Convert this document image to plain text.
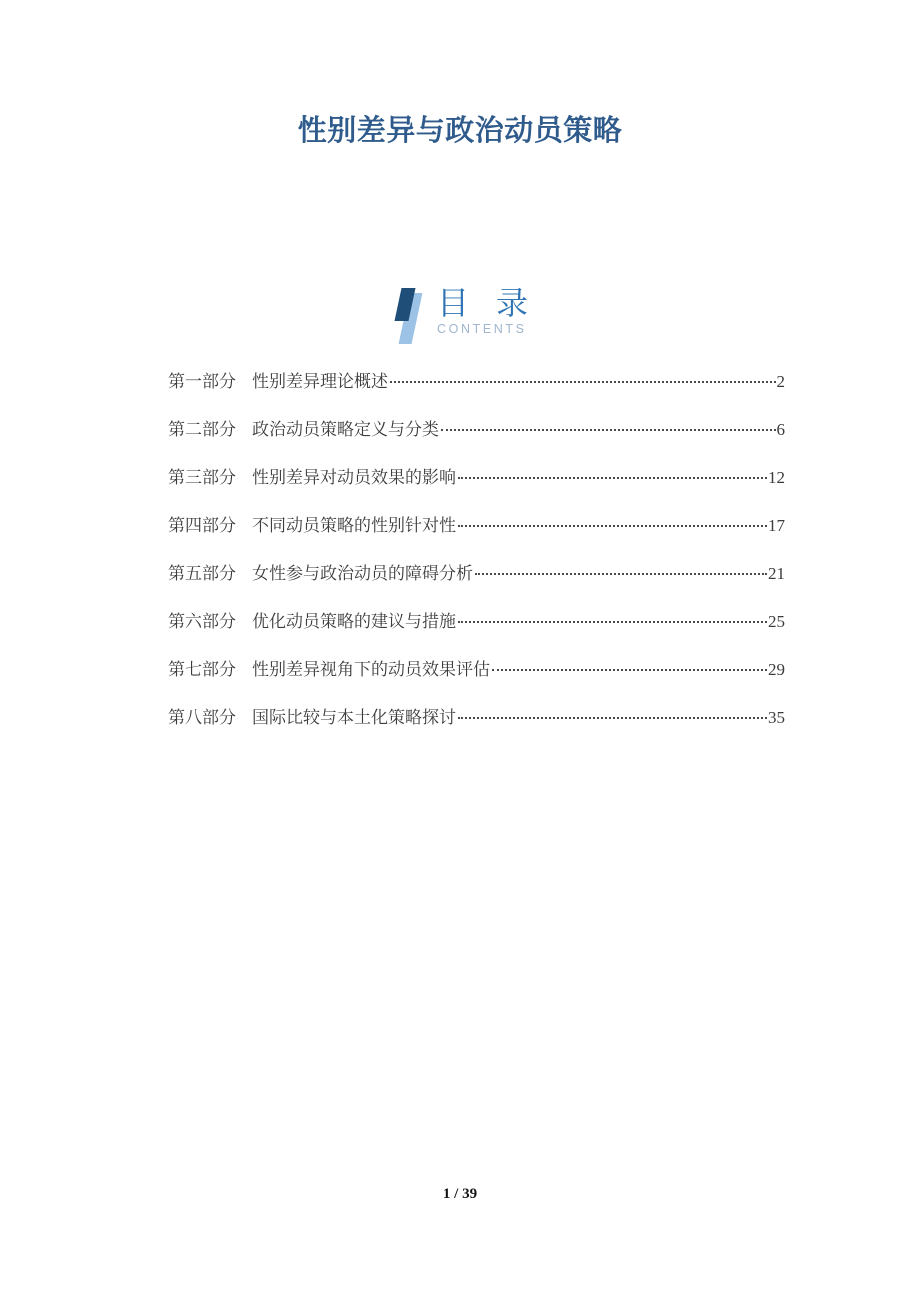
性别差异与政治动员策略
目 录
CONTENTS
第一部分 性别差异理论概述	2
第二部分 政治动员策略定义与分类	6
第三部分 性别差异对动员效果的影响	12
第四部分 不同动员策略的性别针对性	17
第五部分 女性参与政治动员的障碍分析	21
第六部分 优化动员策略的建议与措施	25
第七部分 性别差异视角下的动员效果评估	29
第八部分 国际比较与本土化策略探讨	35
1 / 39
